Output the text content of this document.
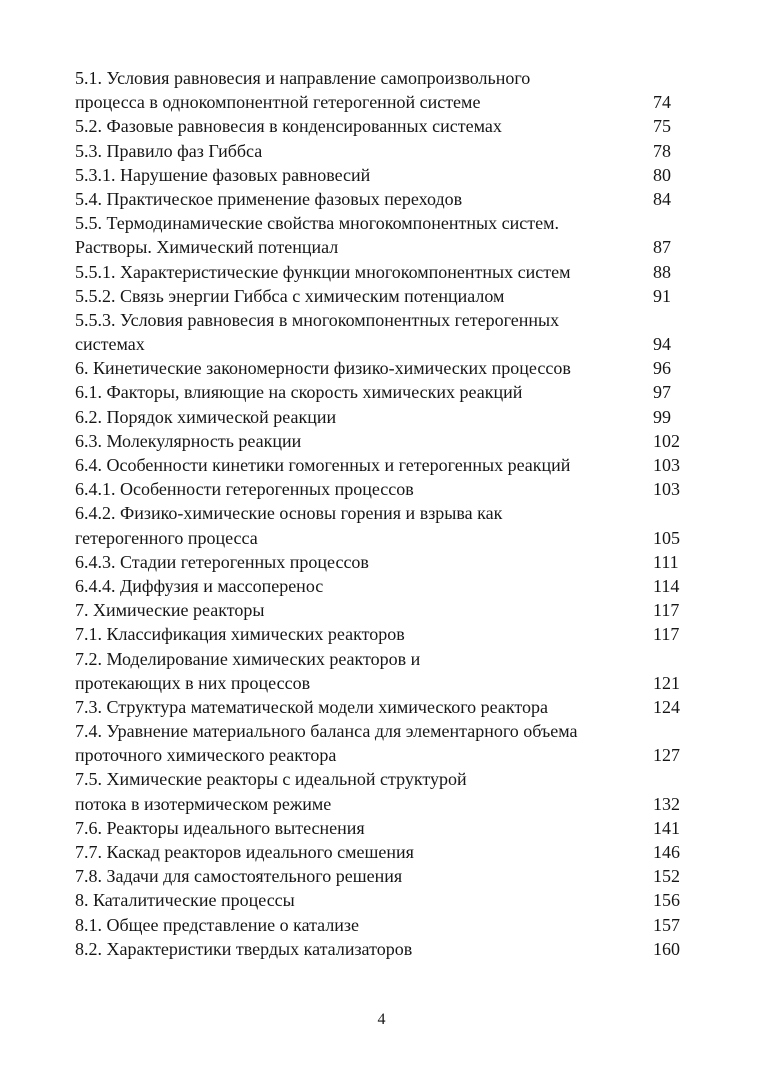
5.1. Условия равновесия и направление самопроизвольного
процесса в однокомпонентной гетерогенной системе	74
5.2. Фазовые равновесия в конденсированных системах	75
5.3. Правило фаз Гиббса	78
5.3.1. Нарушение фазовых равновесий	80
5.4. Практическое применение фазовых переходов	84
5.5. Термодинамические свойства многокомпонентных систем.
Растворы. Химический потенциал	87
5.5.1. Характеристические функции многокомпонентных систем	88
5.5.2. Связь энергии Гиббса с химическим потенциалом	91
5.5.3. Условия равновесия в многокомпонентных гетерогенных
системах	94
6. Кинетические закономерности физико-химических процессов	96
6.1. Факторы, влияющие на скорость химических реакций	97
6.2. Порядок химической реакции	99
6.3. Молекулярность реакции	102
6.4. Особенности кинетики гомогенных и гетерогенных реакций	103
6.4.1. Особенности гетерогенных процессов	103
6.4.2. Физико-химические основы горения и взрыва как
гетерогенного процесса	105
6.4.3. Стадии гетерогенных процессов	111
6.4.4. Диффузия и массоперенос	114
7. Химические реакторы	117
7.1. Классификация химических реакторов	117
7.2. Моделирование химических реакторов и
протекающих в них процессов	121
7.3. Структура математической модели химического реактора	124
7.4. Уравнение материального баланса для элементарного объема
проточного химического реактора	127
7.5. Химические реакторы с идеальной структурой
потока в изотермическом режиме	132
7.6. Реакторы идеального вытеснения	141
7.7. Каскад реакторов идеального смешения	146
7.8. Задачи для самостоятельного решения	152
8. Каталитические процессы	156
8.1. Общее представление о катализе	157
8.2. Характеристики твердых катализаторов	160
4
